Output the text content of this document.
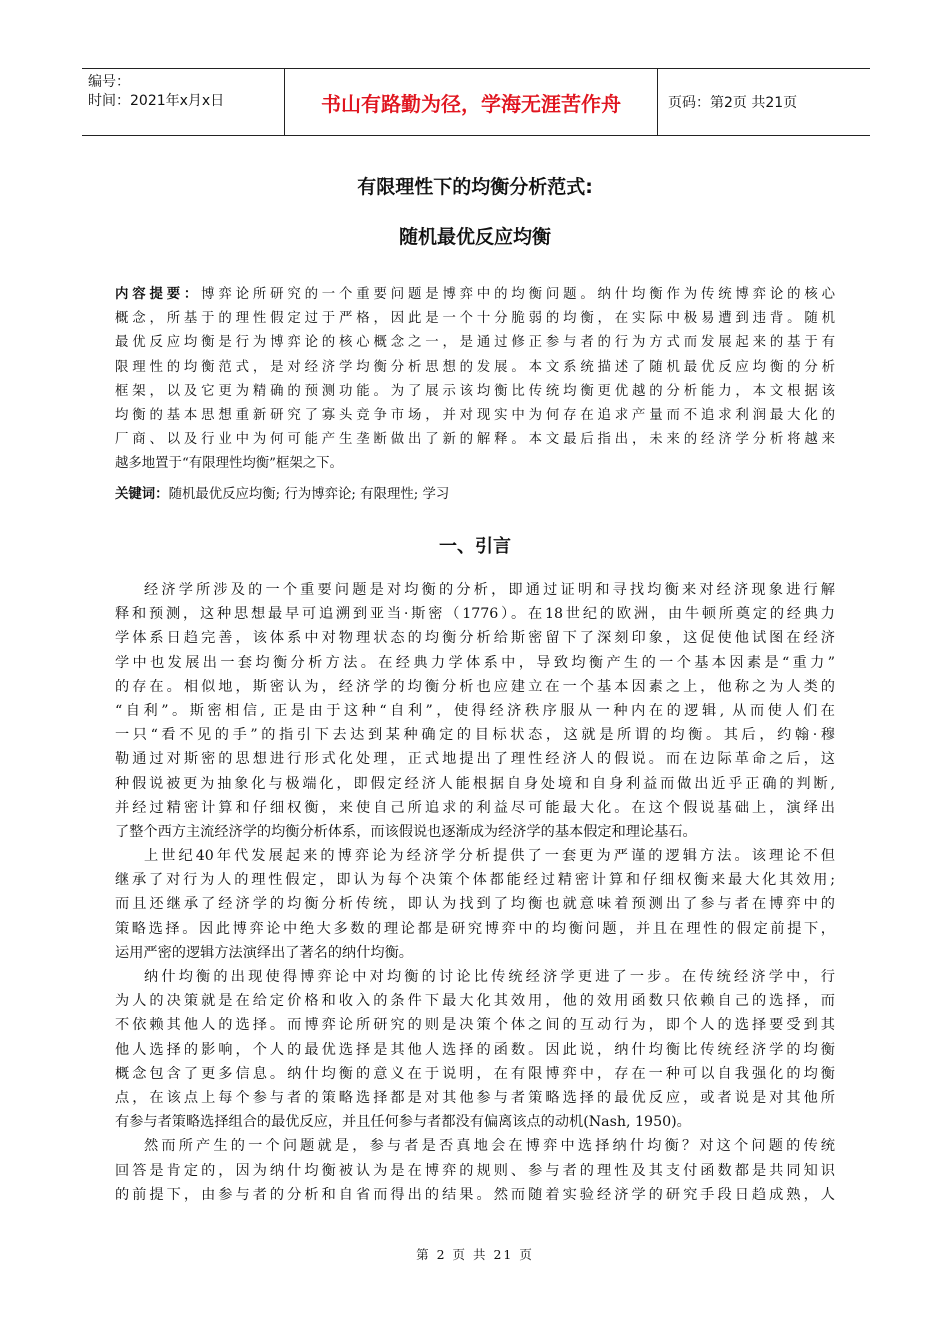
编号：
时间：2021年x月x日	书山有路勤为径，学海无涯苦作舟	页码：第2页 共21页
有限理性下的均衡分析范式:
随机最优反应均衡
内容提要：博弈论所研究的一个重要问题是博弈中的均衡问题。纳什均衡作为传统博弈论的核心
概念，所基于的理性假定过于严格，因此是一个十分脆弱的均衡，在实际中极易遭到违背。随机
最优反应均衡是行为博弈论的核心概念之一，是通过修正参与者的行为方式而发展起来的基于有
限理性的均衡范式，是对经济学均衡分析思想的发展。本文系统描述了随机最优反应均衡的分析
框架，以及它更为精确的预测功能。为了展示该均衡比传统均衡更优越的分析能力，本文根据该
均衡的基本思想重新研究了寡头竞争市场，并对现实中为何存在追求产量而不追求利润最大化的
厂商、以及行业中为何可能产生垄断做出了新的解释。本文最后指出，未来的经济学分析将越来
越多地置于“有限理性均衡”框架之下。
关键词：随机最优反应均衡; 行为博弈论; 有限理性; 学习
一、引言
经济学所涉及的一个重要问题是对均衡的分析，即通过证明和寻找均衡来对经济现象进行解
释和预测，这种思想最早可追溯到亚当·斯密（1776）。在18世纪的欧洲，由牛顿所奠定的经典力
学体系日趋完善，该体系中对物理状态的均衡分析给斯密留下了深刻印象，这促使他试图在经济
学中也发展出一套均衡分析方法。在经典力学体系中，导致均衡产生的一个基本因素是“重力”
的存在。相似地，斯密认为，经济学的均衡分析也应建立在一个基本因素之上，他称之为人类的
“自利”。斯密相信, 正是由于这种“自利”，使得经济秩序服从一种内在的逻辑, 从而使人们在
一只“看不见的手”的指引下去达到某种确定的目标状态，这就是所谓的均衡。其后，约翰·穆
勒通过对斯密的思想进行形式化处理，正式地提出了理性经济人的假说。而在边际革命之后，这
种假说被更为抽象化与极端化，即假定经济人能根据自身处境和自身利益而做出近乎正确的判断,
并经过精密计算和仔细权衡，来使自己所追求的利益尽可能最大化。在这个假说基础上，演绎出
了整个西方主流经济学的均衡分析体系，而该假说也逐渐成为经济学的基本假定和理论基石。
上世纪40年代发展起来的博弈论为经济学分析提供了一套更为严谨的逻辑方法。该理论不但
继承了对行为人的理性假定，即认为每个决策个体都能经过精密计算和仔细权衡来最大化其效用;
而且还继承了经济学的均衡分析传统，即认为找到了均衡也就意味着预测出了参与者在博弈中的
策略选择。因此博弈论中绝大多数的理论都是研究博弈中的均衡问题，并且在理性的假定前提下，
运用严密的逻辑方法演绎出了著名的纳什均衡。
纳什均衡的出现使得博弈论中对均衡的讨论比传统经济学更进了一步。在传统经济学中，行
为人的决策就是在给定价格和收入的条件下最大化其效用，他的效用函数只依赖自己的选择，而
不依赖其他人的选择。而博弈论所研究的则是决策个体之间的互动行为，即个人的选择要受到其
他人选择的影响，个人的最优选择是其他人选择的函数。因此说，纳什均衡比传统经济学的均衡
概念包含了更多信息。纳什均衡的意义在于说明，在有限博弈中，存在一种可以自我强化的均衡
点，在该点上每个参与者的策略选择都是对其他参与者策略选择的最优反应，或者说是对其他所
有参与者策略选择组合的最优反应，并且任何参与者都没有偏离该点的动机(Nash, 1950)。
然而所产生的一个问题就是，参与者是否真地会在博弈中选择纳什均衡？对这个问题的传统
回答是肯定的，因为纳什均衡被认为是在博弈的规则、参与者的理性及其支付函数都是共同知识
的前提下，由参与者的分析和自省而得出的结果。然而随着实验经济学的研究手段日趋成熟，人
第 2 页 共 21 页
